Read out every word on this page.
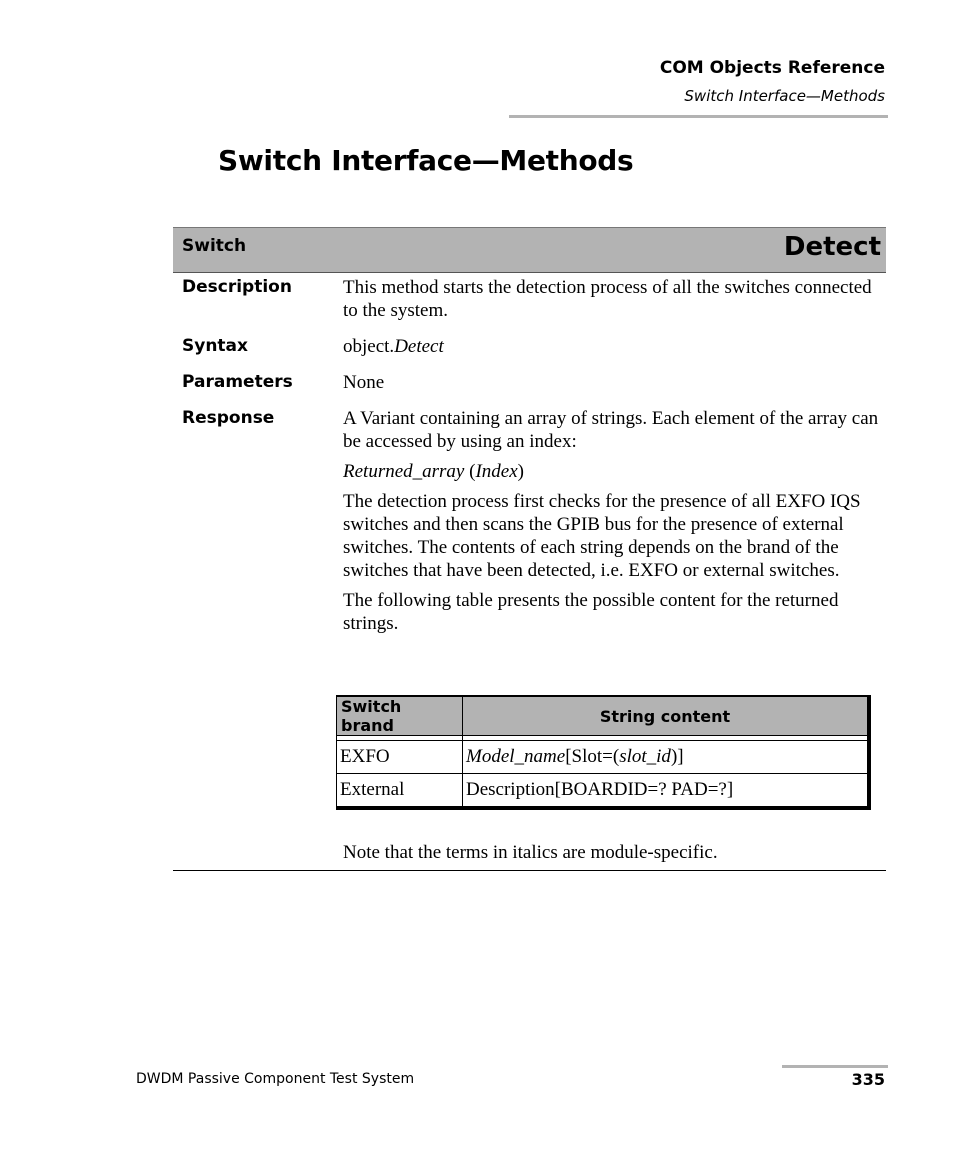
COM Objects Reference
Switch Interface—Methods
Switch Interface—Methods
Switch	Detect
Description	This method starts the detection process of all the switches connected to the system.

Syntax	object.Detect
Parameters	None
Response	A Variant containing an array of strings. Each element of the array can be accessed by using an index:

Returned_array (Index)

The detection process first checks for the presence of all EXFO IQS switches and then scans the GPIB bus for the presence of external switches. The contents of each string depends on the brand of the switches that have been detected, i.e. EXFO or external switches.

The following table presents the possible content for the returned strings.

Switch brand	String content

EXFO	Model_name[Slot=(slot_id)]
External	Description[BOARDID=? PAD=?]
Note that the terms in italics are module-specific.
DWDM Passive Component Test System	335
